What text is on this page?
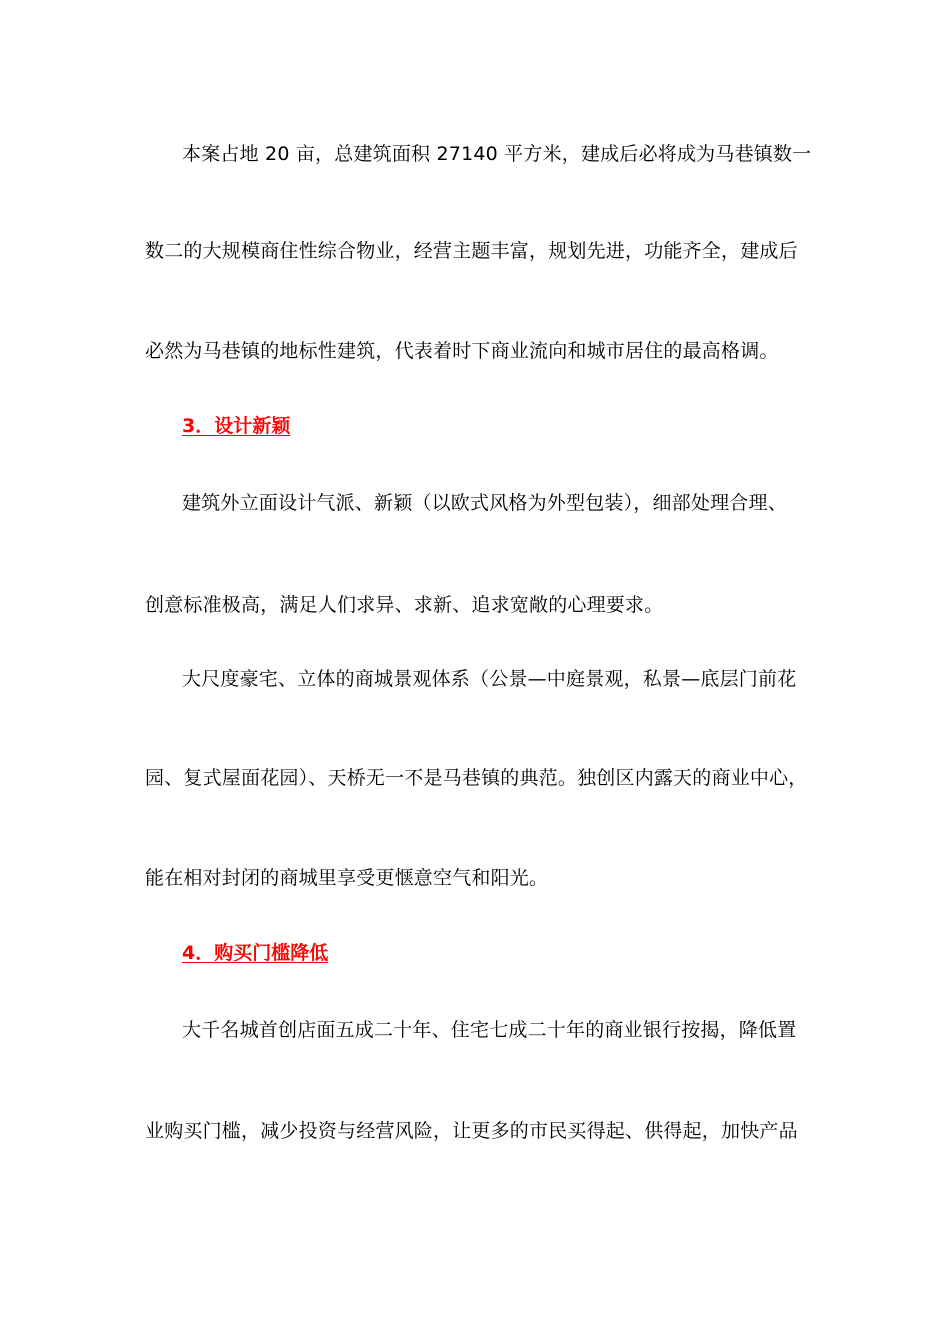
本案占地 20 亩，总建筑面积 27140 平方米，建成后必将成为马巷镇数一
数二的大规模商住性综合物业，经营主题丰富，规划先进，功能齐全，建成后
必然为马巷镇的地标性建筑，代表着时下商业流向和城市居住的最高格调。
3．设计新颖
建筑外立面设计气派、新颖（以欧式风格为外型包装），细部处理合理、
创意标准极高，满足人们求异、求新、追求宽敞的心理要求。
大尺度豪宅、立体的商城景观体系（公景—中庭景观，私景—底层门前花
园、复式屋面花园）、天桥无一不是马巷镇的典范。独创区内露天的商业中心，
能在相对封闭的商城里享受更惬意空气和阳光。
4．购买门槛降低
大千名城首创店面五成二十年、住宅七成二十年的商业银行按揭，降低置
业购买门槛，减少投资与经营风险，让更多的市民买得起、供得起，加快产品
